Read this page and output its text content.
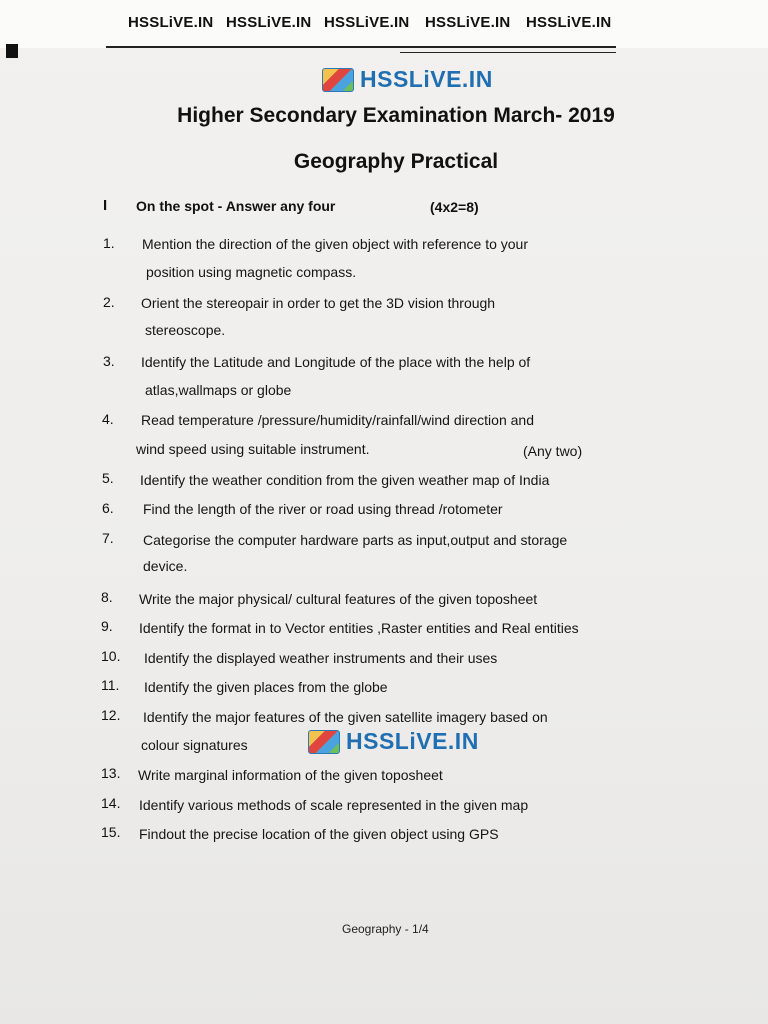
HSSLiVE.IN HSSLiVE.IN HSSLiVE.IN HSSLiVE.IN HSSLiVE.IN
HSSLiVE.IN
Higher Secondary Examination March- 2019
Geography Practical
I On the spot - Answer any four	(4x2=8)
1. Mention the direction of the given object with reference to your
position using magnetic compass.
2. Orient the stereopair in order to get the 3D vision through
stereoscope.
3. Identify the Latitude and Longitude of the place with the help of
atlas,wallmaps or globe
4. Read temperature /pressure/humidity/rainfall/wind direction and
wind speed using suitable instrument.	(Any two)
5. Identify the weather condition from the given weather map of India
6. Find the length of the river or road using thread /rotometer
7. Categorise the computer hardware parts as input,output and storage
device.
8. Write the major physical/ cultural features of the given toposheet
9. Identify the format in to Vector entities ,Raster entities and Real entities
10. Identify the displayed weather instruments and their uses
11. Identify the given places from the globe
12. Identify the major features of the given satellite imagery based on
colour signatures	HSSLiVE.IN
13. Write marginal information of the given toposheet
14. Identify various methods of scale represented in the given map
15. Findout the precise location of the given object using GPS
Geography - 1/4
